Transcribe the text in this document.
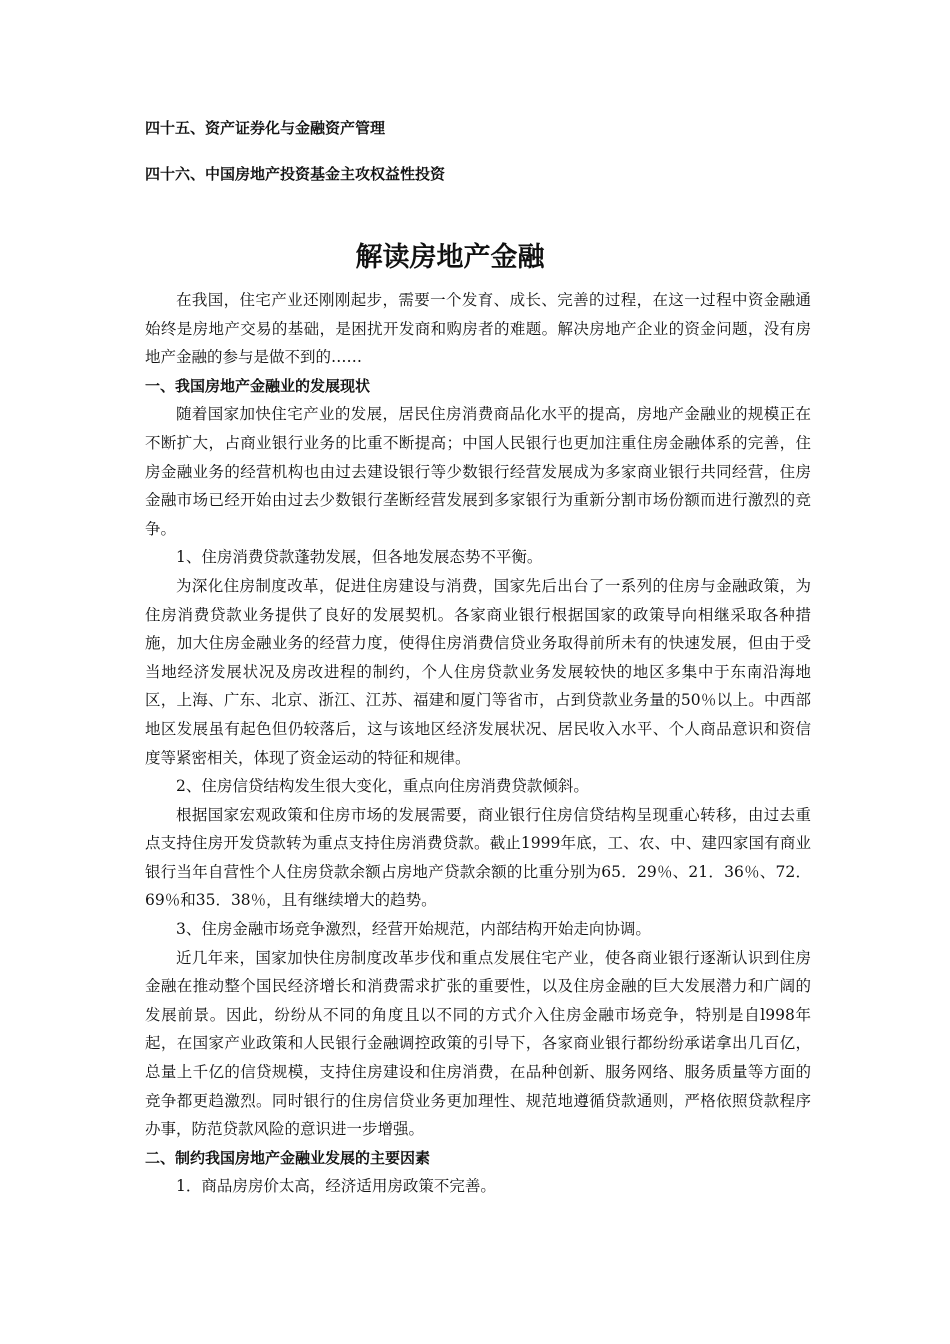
四十五、资产证券化与金融资产管理
四十六、中国房地产投资基金主攻权益性投资
解读房地产金融

在我国，住宅产业还刚刚起步，需要一个发育、成长、完善的过程，在这一过程中资金融通始终是房地产交易的基础，是困扰开发商和购房者的难题。解决房地产企业的资金问题，没有房地产金融的参与是做不到的……

一、我国房地产金融业的发展现状

随着国家加快住宅产业的发展，居民住房消费商品化水平的提高，房地产金融业的规模正在不断扩大，占商业银行业务的比重不断提高；中国人民银行也更加注重住房金融体系的完善，住房金融业务的经营机构也由过去建设银行等少数银行经营发展成为多家商业银行共同经营，住房金融市场已经开始由过去少数银行垄断经营发展到多家银行为重新分割市场份额而进行激烈的竞争。

1、住房消费贷款蓬勃发展，但各地发展态势不平衡。

为深化住房制度改革，促进住房建设与消费，国家先后出台了一系列的住房与金融政策，为住房消费贷款业务提供了良好的发展契机。各家商业银行根据国家的政策导向相继采取各种措施，加大住房金融业务的经营力度，使得住房消费信贷业务取得前所未有的快速发展，但由于受当地经济发展状况及房改进程的制约，个人住房贷款业务发展较快的地区多集中于东南沿海地区，上海、广东、北京、浙江、江苏、福建和厦门等省市，占到贷款业务量的50％以上。中西部地区发展虽有起色但仍较落后，这与该地区经济发展状况、居民收入水平、个人商品意识和资信度等紧密相关，体现了资金运动的特征和规律。

2、住房信贷结构发生很大变化，重点向住房消费贷款倾斜。

根据国家宏观政策和住房市场的发展需要，商业银行住房信贷结构呈现重心转移，由过去重点支持住房开发贷款转为重点支持住房消费贷款。截止1999年底，工、农、中、建四家国有商业银行当年自营性个人住房贷款余额占房地产贷款余额的比重分别为65．29％、21．36％、72．69％和35．38％，且有继续增大的趋势。

3、住房金融市场竞争激烈，经营开始规范，内部结构开始走向协调。

近几年来，国家加快住房制度改革步伐和重点发展住宅产业，使各商业银行逐渐认识到住房金融在推动整个国民经济增长和消费需求扩张的重要性，以及住房金融的巨大发展潜力和广阔的发展前景。因此，纷纷从不同的角度且以不同的方式介入住房金融市场竞争，特别是自l998年起，在国家产业政策和人民银行金融调控政策的引导下，各家商业银行都纷纷承诺拿出几百亿，总量上千亿的信贷规模，支持住房建设和住房消费，在品种创新、服务网络、服务质量等方面的竞争都更趋激烈。同时银行的住房信贷业务更加理性、规范地遵循贷款通则，严格依照贷款程序办事，防范贷款风险的意识进一步增强。

二、制约我国房地产金融业发展的主要因素

1．商品房房价太高，经济适用房政策不完善。
